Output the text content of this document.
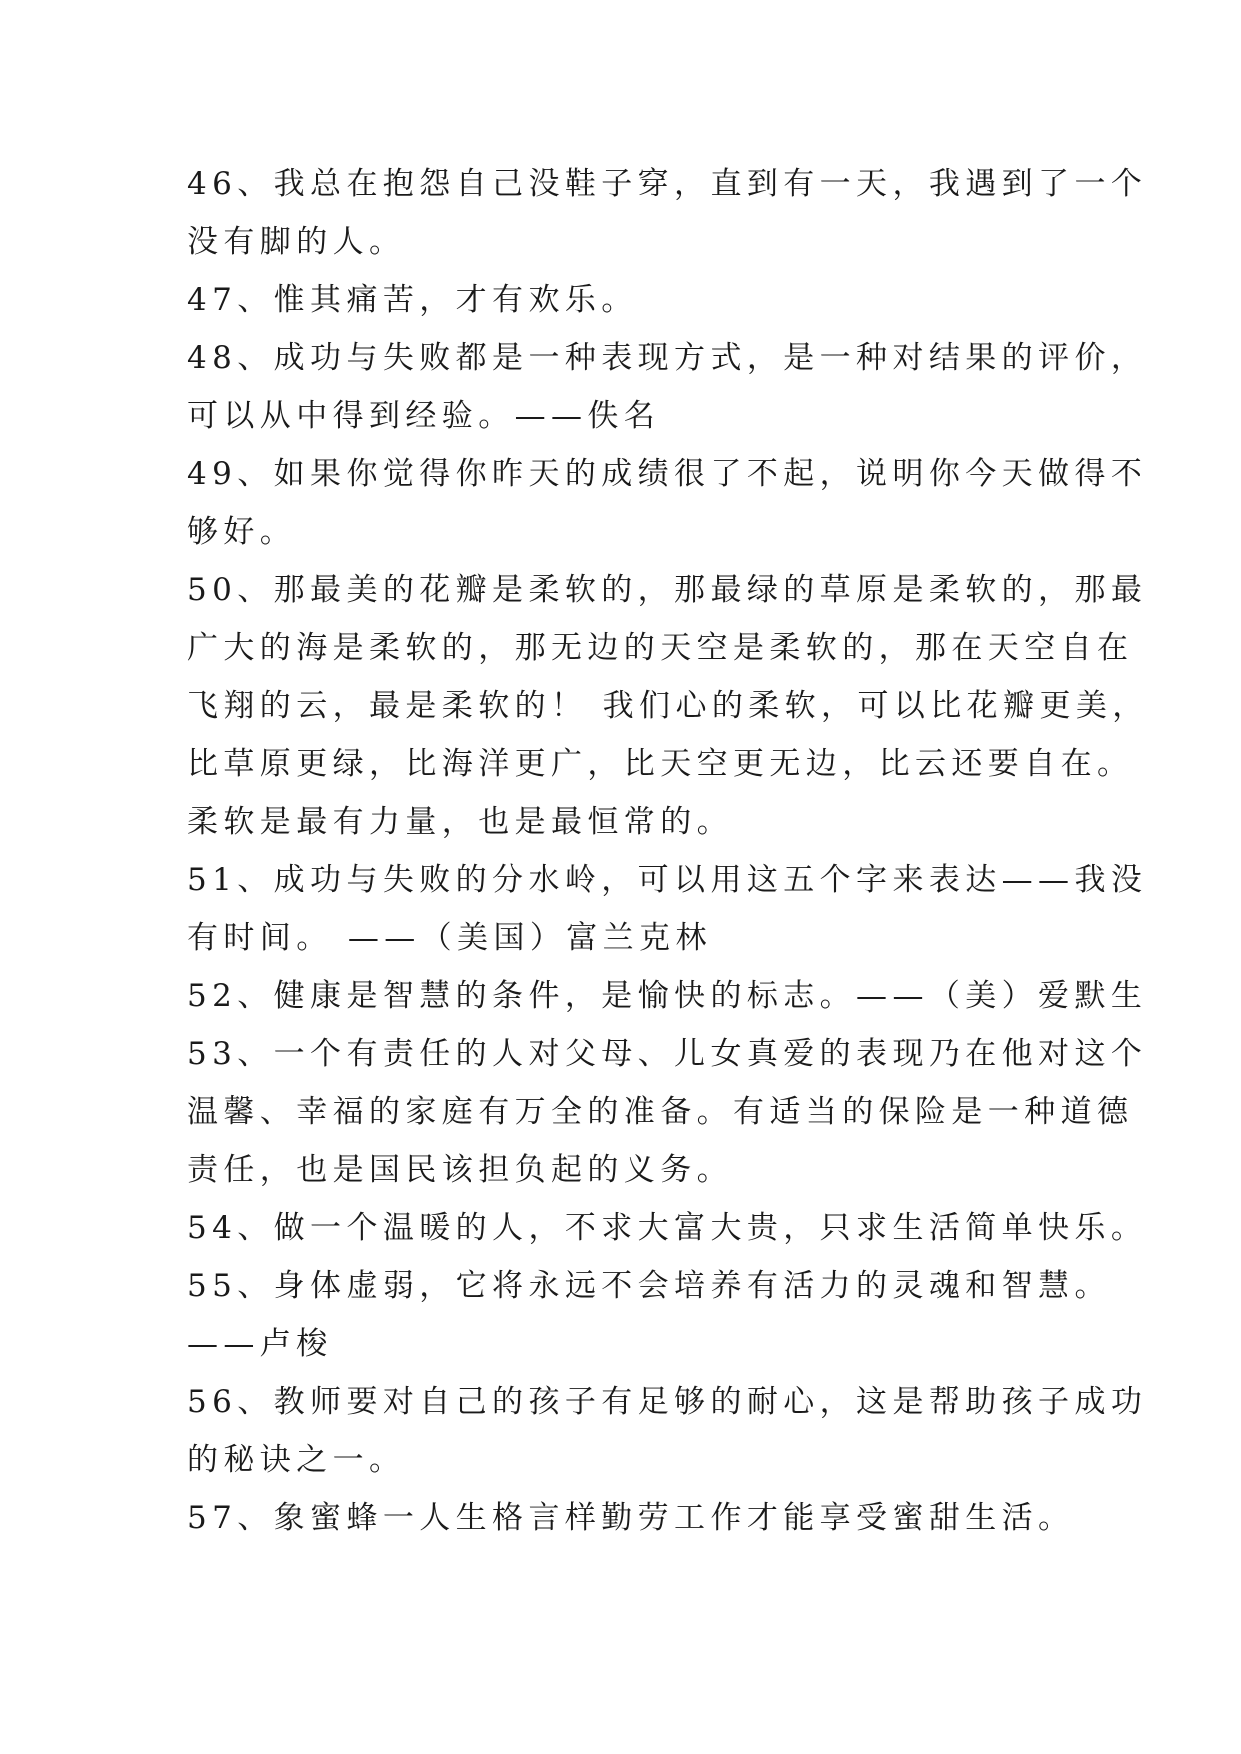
46、我总在抱怨自己没鞋子穿，直到有一天，我遇到了一个
没有脚的人。

47、惟其痛苦，才有欢乐。

48、成功与失败都是一种表现方式，是一种对结果的评价，
可以从中得到经验。——佚名

49、如果你觉得你昨天的成绩很了不起，说明你今天做得不
够好。

50、那最美的花瓣是柔软的，那最绿的草原是柔软的，那最
广大的海是柔软的，那无边的天空是柔软的，那在天空自在
飞翔的云，最是柔软的！ 我们心的柔软，可以比花瓣更美，
比草原更绿，比海洋更广，比天空更无边，比云还要自在。
柔软是最有力量，也是最恒常的。

51、成功与失败的分水岭，可以用这五个字来表达——我没
有时间。 ——（美国）富兰克林

52、健康是智慧的条件，是愉快的标志。——（美）爱默生

53、一个有责任的人对父母、儿女真爱的表现乃在他对这个
温馨、幸福的家庭有万全的准备。有适当的保险是一种道德
责任，也是国民该担负起的义务。

54、做一个温暖的人，不求大富大贵，只求生活简单快乐。

55、身体虚弱，它将永远不会培养有活力的灵魂和智慧。
——卢梭

56、教师要对自己的孩子有足够的耐心，这是帮助孩子成功
的秘诀之一。

57、象蜜蜂一人生格言样勤劳工作才能享受蜜甜生活。
